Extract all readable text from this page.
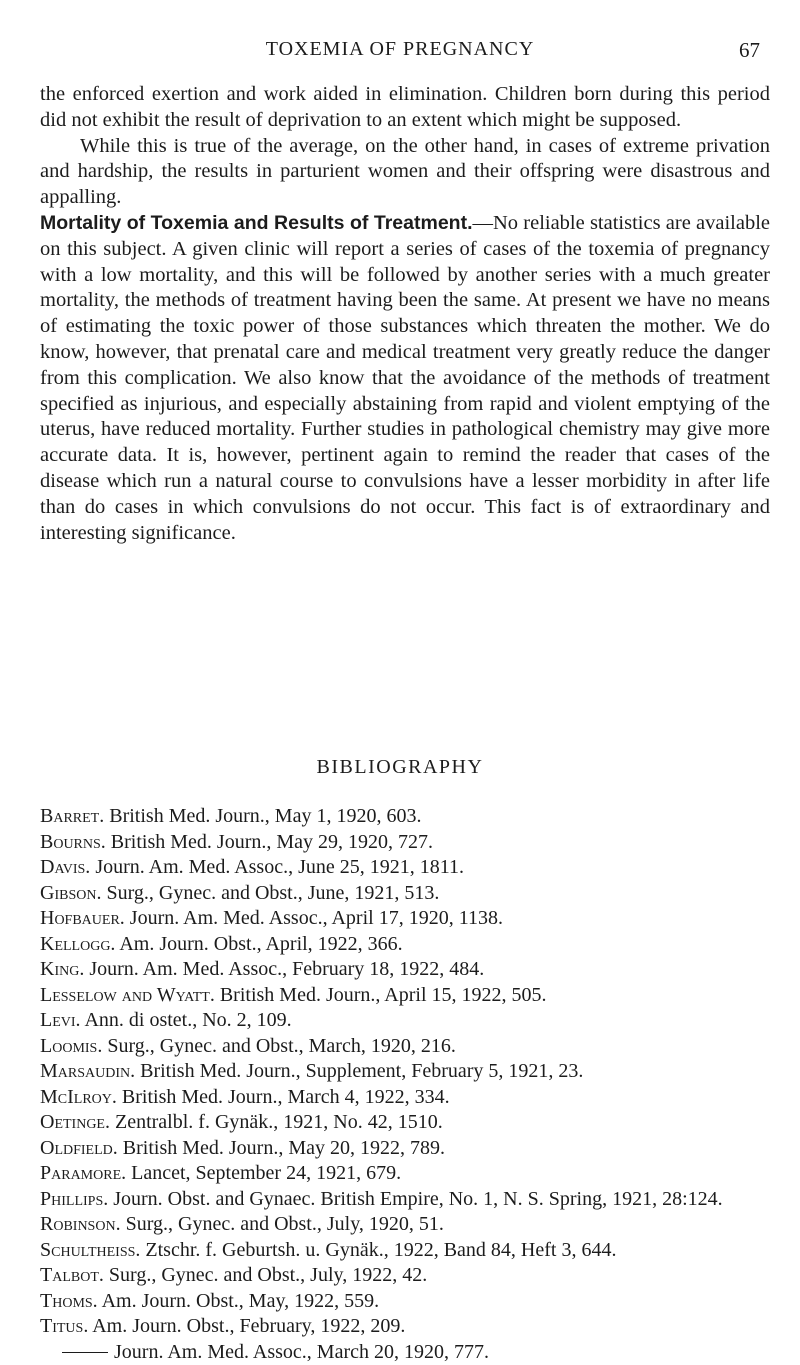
TOXEMIA OF PREGNANCY	67

the enforced exertion and work aided in elimination. Children born during this period did not exhibit the result of deprivation to an extent which might be supposed.

While this is true of the average, on the other hand, in cases of extreme privation and hardship, the results in parturient women and their offspring were disastrous and appalling.

Mortality of Toxemia and Results of Treatment.—No reliable statistics are available on this subject. A given clinic will report a series of cases of the toxemia of pregnancy with a low mortality, and this will be followed by another series with a much greater mortality, the methods of treatment having been the same. At present we have no means of estimating the toxic power of those substances which threaten the mother. We do know, however, that prenatal care and medical treatment very greatly reduce the danger from this complication. We also know that the avoidance of the methods of treatment specified as injurious, and especially abstaining from rapid and violent emptying of the uterus, have reduced mortality. Further studies in pathological chemistry may give more accurate data. It is, however, pertinent again to remind the reader that cases of the disease which run a natural course to convulsions have a lesser morbidity in after life than do cases in which convulsions do not occur. This fact is of extraordinary and interesting significance.

BIBLIOGRAPHY
Barret. British Med. Journ., May 1, 1920, 603.
Bourns. British Med. Journ., May 29, 1920, 727.
Davis. Journ. Am. Med. Assoc., June 25, 1921, 1811.
Gibson. Surg., Gynec. and Obst., June, 1921, 513.
Hofbauer. Journ. Am. Med. Assoc., April 17, 1920, 1138.
Kellogg. Am. Journ. Obst., April, 1922, 366.
King. Journ. Am. Med. Assoc., February 18, 1922, 484.
Lesselow and Wyatt. British Med. Journ., April 15, 1922, 505.
Levi. Ann. di ostet., No. 2, 109.
Loomis. Surg., Gynec. and Obst., March, 1920, 216.
Marsaudin. British Med. Journ., Supplement, February 5, 1921, 23.
McIlroy. British Med. Journ., March 4, 1922, 334.
Oetinge. Zentralbl. f. Gynäk., 1921, No. 42, 1510.
Oldfield. British Med. Journ., May 20, 1922, 789.
Paramore. Lancet, September 24, 1921, 679.
Phillips. Journ. Obst. and Gynaec. British Empire, No. 1, N. S. Spring, 1921, 28:124.
Robinson. Surg., Gynec. and Obst., July, 1920, 51.
Schultheiss. Ztschr. f. Geburtsh. u. Gynäk., 1922, Band 84, Heft 3, 644.
Talbot. Surg., Gynec. and Obst., July, 1922, 42.
Thoms. Am. Journ. Obst., May, 1922, 559.
Titus. Am. Journ. Obst., February, 1922, 209.
Journ. Am. Med. Assoc., March 20, 1920, 777.
